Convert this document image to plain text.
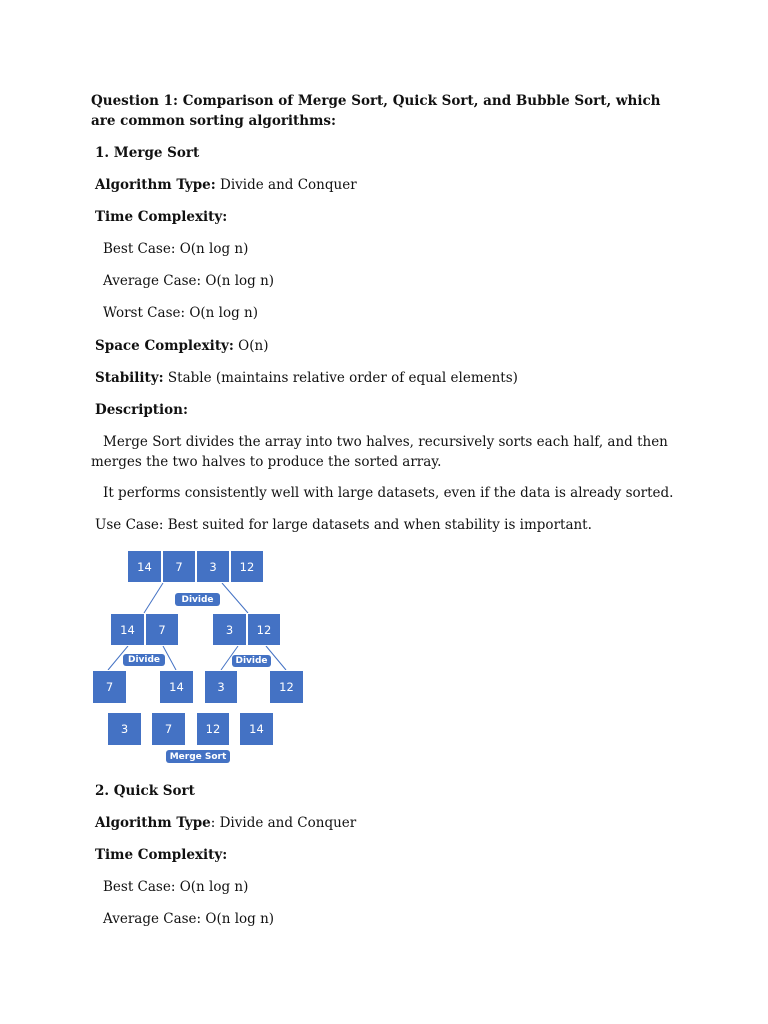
Question 1: Comparison of Merge Sort, Quick Sort, and Bubble Sort, which are common sorting algorithms:
1. Merge Sort
Algorithm Type: Divide and Conquer
Time Complexity:
Best Case: O(n log n)
Average Case: O(n log n)
Worst Case: O(n log n)
Space Complexity: O(n)
Stability: Stable (maintains relative order of equal elements)
Description:
Merge Sort divides the array into two halves, recursively sorts each half, and then merges the two halves to produce the sorted array.
It performs consistently well with large datasets, even if the data is already sorted.
Use Case: Best suited for large datasets and when stability is important.
14	7	3	12
Divide
14	7	3	12
Divide	Divide
7	14	3	12
3	7	12	14
Merge Sort
2. Quick Sort
Algorithm Type: Divide and Conquer
Time Complexity:
Best Case: O(n log n)
Average Case: O(n log n)
